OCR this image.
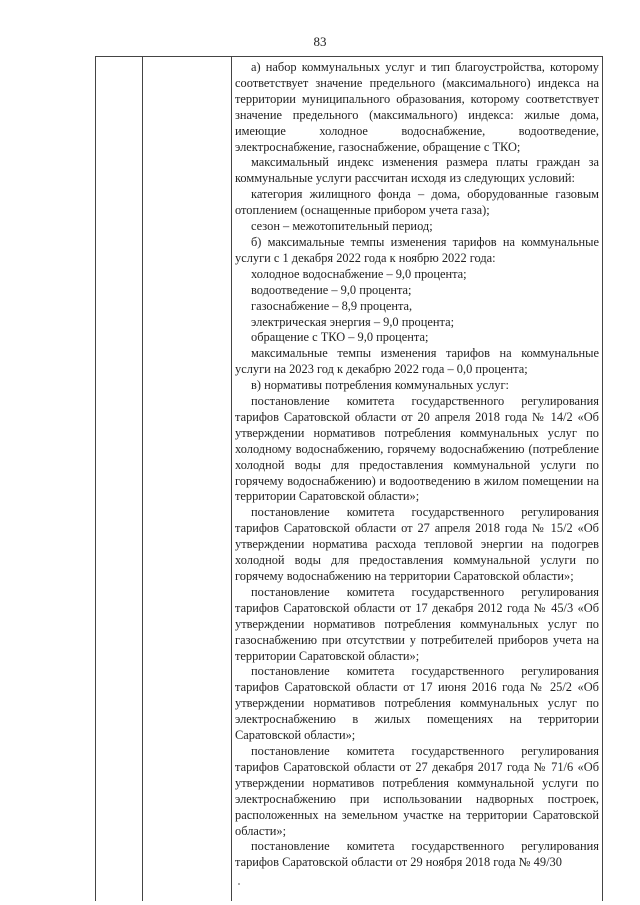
83

а) набор коммунальных услуг и тип благоустройства, которому соответствует значение предельного (максимального) индекса на территории муниципального образования, которому соответствует значение предельного (максимального) индекса: жилые дома, имеющие холодное водоснабжение, водоотведение, электроснабжение, газоснабжение, обращение с ТКО;

максимальный индекс изменения размера платы граждан за коммунальные услуги рассчитан исходя из следующих условий:

категория жилищного фонда – дома, оборудованные газовым отоплением (оснащенные прибором учета газа);

сезон – межотопительный период;

б) максимальные темпы изменения тарифов на коммунальные услуги с 1 декабря 2022 года к ноябрю 2022 года:

холодное водоснабжение – 9,0 процента;

водоотведение – 9,0 процента;

газоснабжение – 8,9 процента,

электрическая энергия – 9,0 процента;

обращение с ТКО – 9,0 процента;

максимальные темпы изменения тарифов на коммунальные услуги на 2023 год к декабрю 2022 года – 0,0 процента;

в) нормативы потребления коммунальных услуг:

постановление комитета государственного регулирования тарифов Саратовской области от 20 апреля 2018 года № 14/2 «Об утверждении нормативов потребления коммунальных услуг по холодному водоснабжению, горячему водоснабжению (потребление холодной воды для предоставления коммунальной услуги по горячему водоснабжению) и водоотведению в жилом помещении на территории Саратовской области»;

постановление комитета государственного регулирования тарифов Саратовской области от 27 апреля 2018 года № 15/2 «Об утверждении норматива расхода тепловой энергии на подогрев холодной воды для предоставления коммунальной услуги по горячему водоснабжению на территории Саратовской области»;

постановление комитета государственного регулирования тарифов Саратовской области от 17 декабря 2012 года № 45/3 «Об утверждении нормативов потребления коммунальных услуг по газоснабжению при отсутствии у потребителей приборов учета на территории Саратовской области»;

постановление комитета государственного регулирования тарифов Саратовской области от 17 июня 2016 года № 25/2 «Об утверждении нормативов потребления коммунальных услуг по электроснабжению в жилых помещениях на территории Саратовской области»;

постановление комитета государственного регулирования тарифов Саратовской области от 27 декабря 2017 года № 71/6 «Об утверждении нормативов потребления коммунальной услуги по электроснабжению при использовании надворных построек, расположенных на земельном участке на территории Саратовской области»;

постановление комитета государственного регулирования тарифов Саратовской области от 29 ноября 2018 года № 49/30
